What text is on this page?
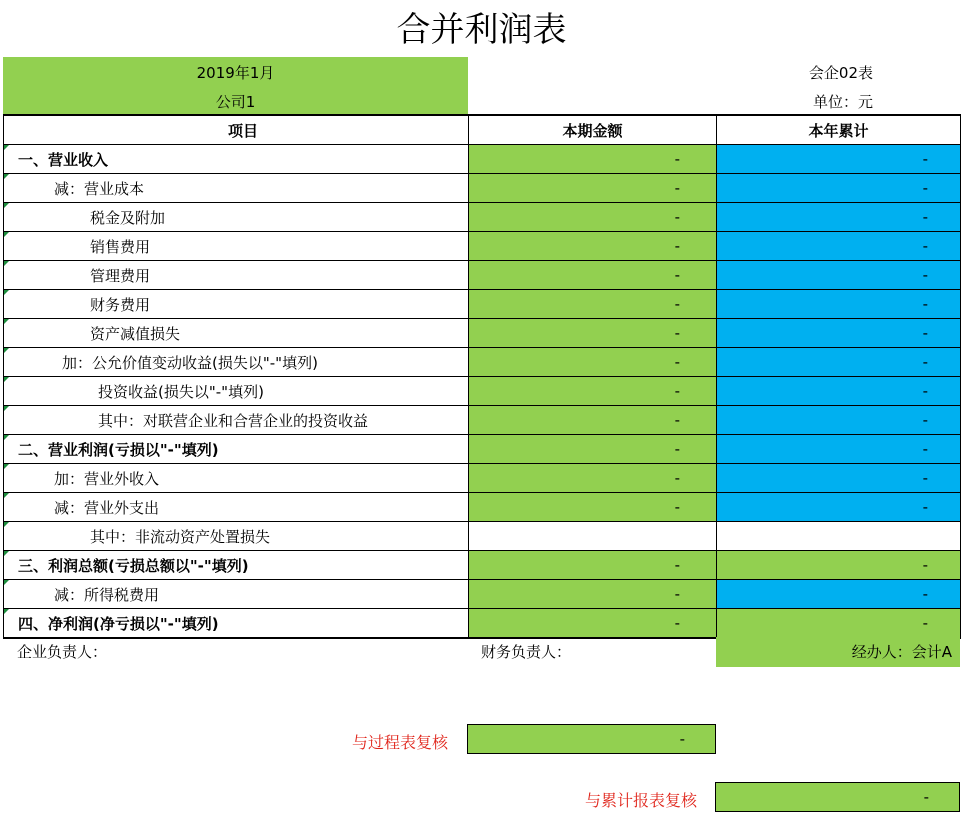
合并利润表
2019年1月
公司1
会企02表
单位：元
项目	本期金额	本年累计
一、营业收入	-	-
减：营业成本	-	-
税金及附加	-	-
销售费用	-	-
管理费用	-	-
财务费用	-	-
资产减值损失	-	-
加：公允价值变动收益(损失以"-"填列)	-	-
投资收益(损失以"-"填列)	-	-
其中：对联营企业和合营企业的投资收益	-	-
二、营业利润(亏损以"-"填列)	-	-
加：营业外收入	-	-
减：营业外支出	-	-
其中：非流动资产处置损失		
三、利润总额(亏损总额以"-"填列)	-	-
减：所得税费用	-	-
四、净利润(净亏损以"-"填列)	-	-
企业负责人：	财务负责人：	经办人：会计A
与过程表复核	-
与累计报表复核	-
